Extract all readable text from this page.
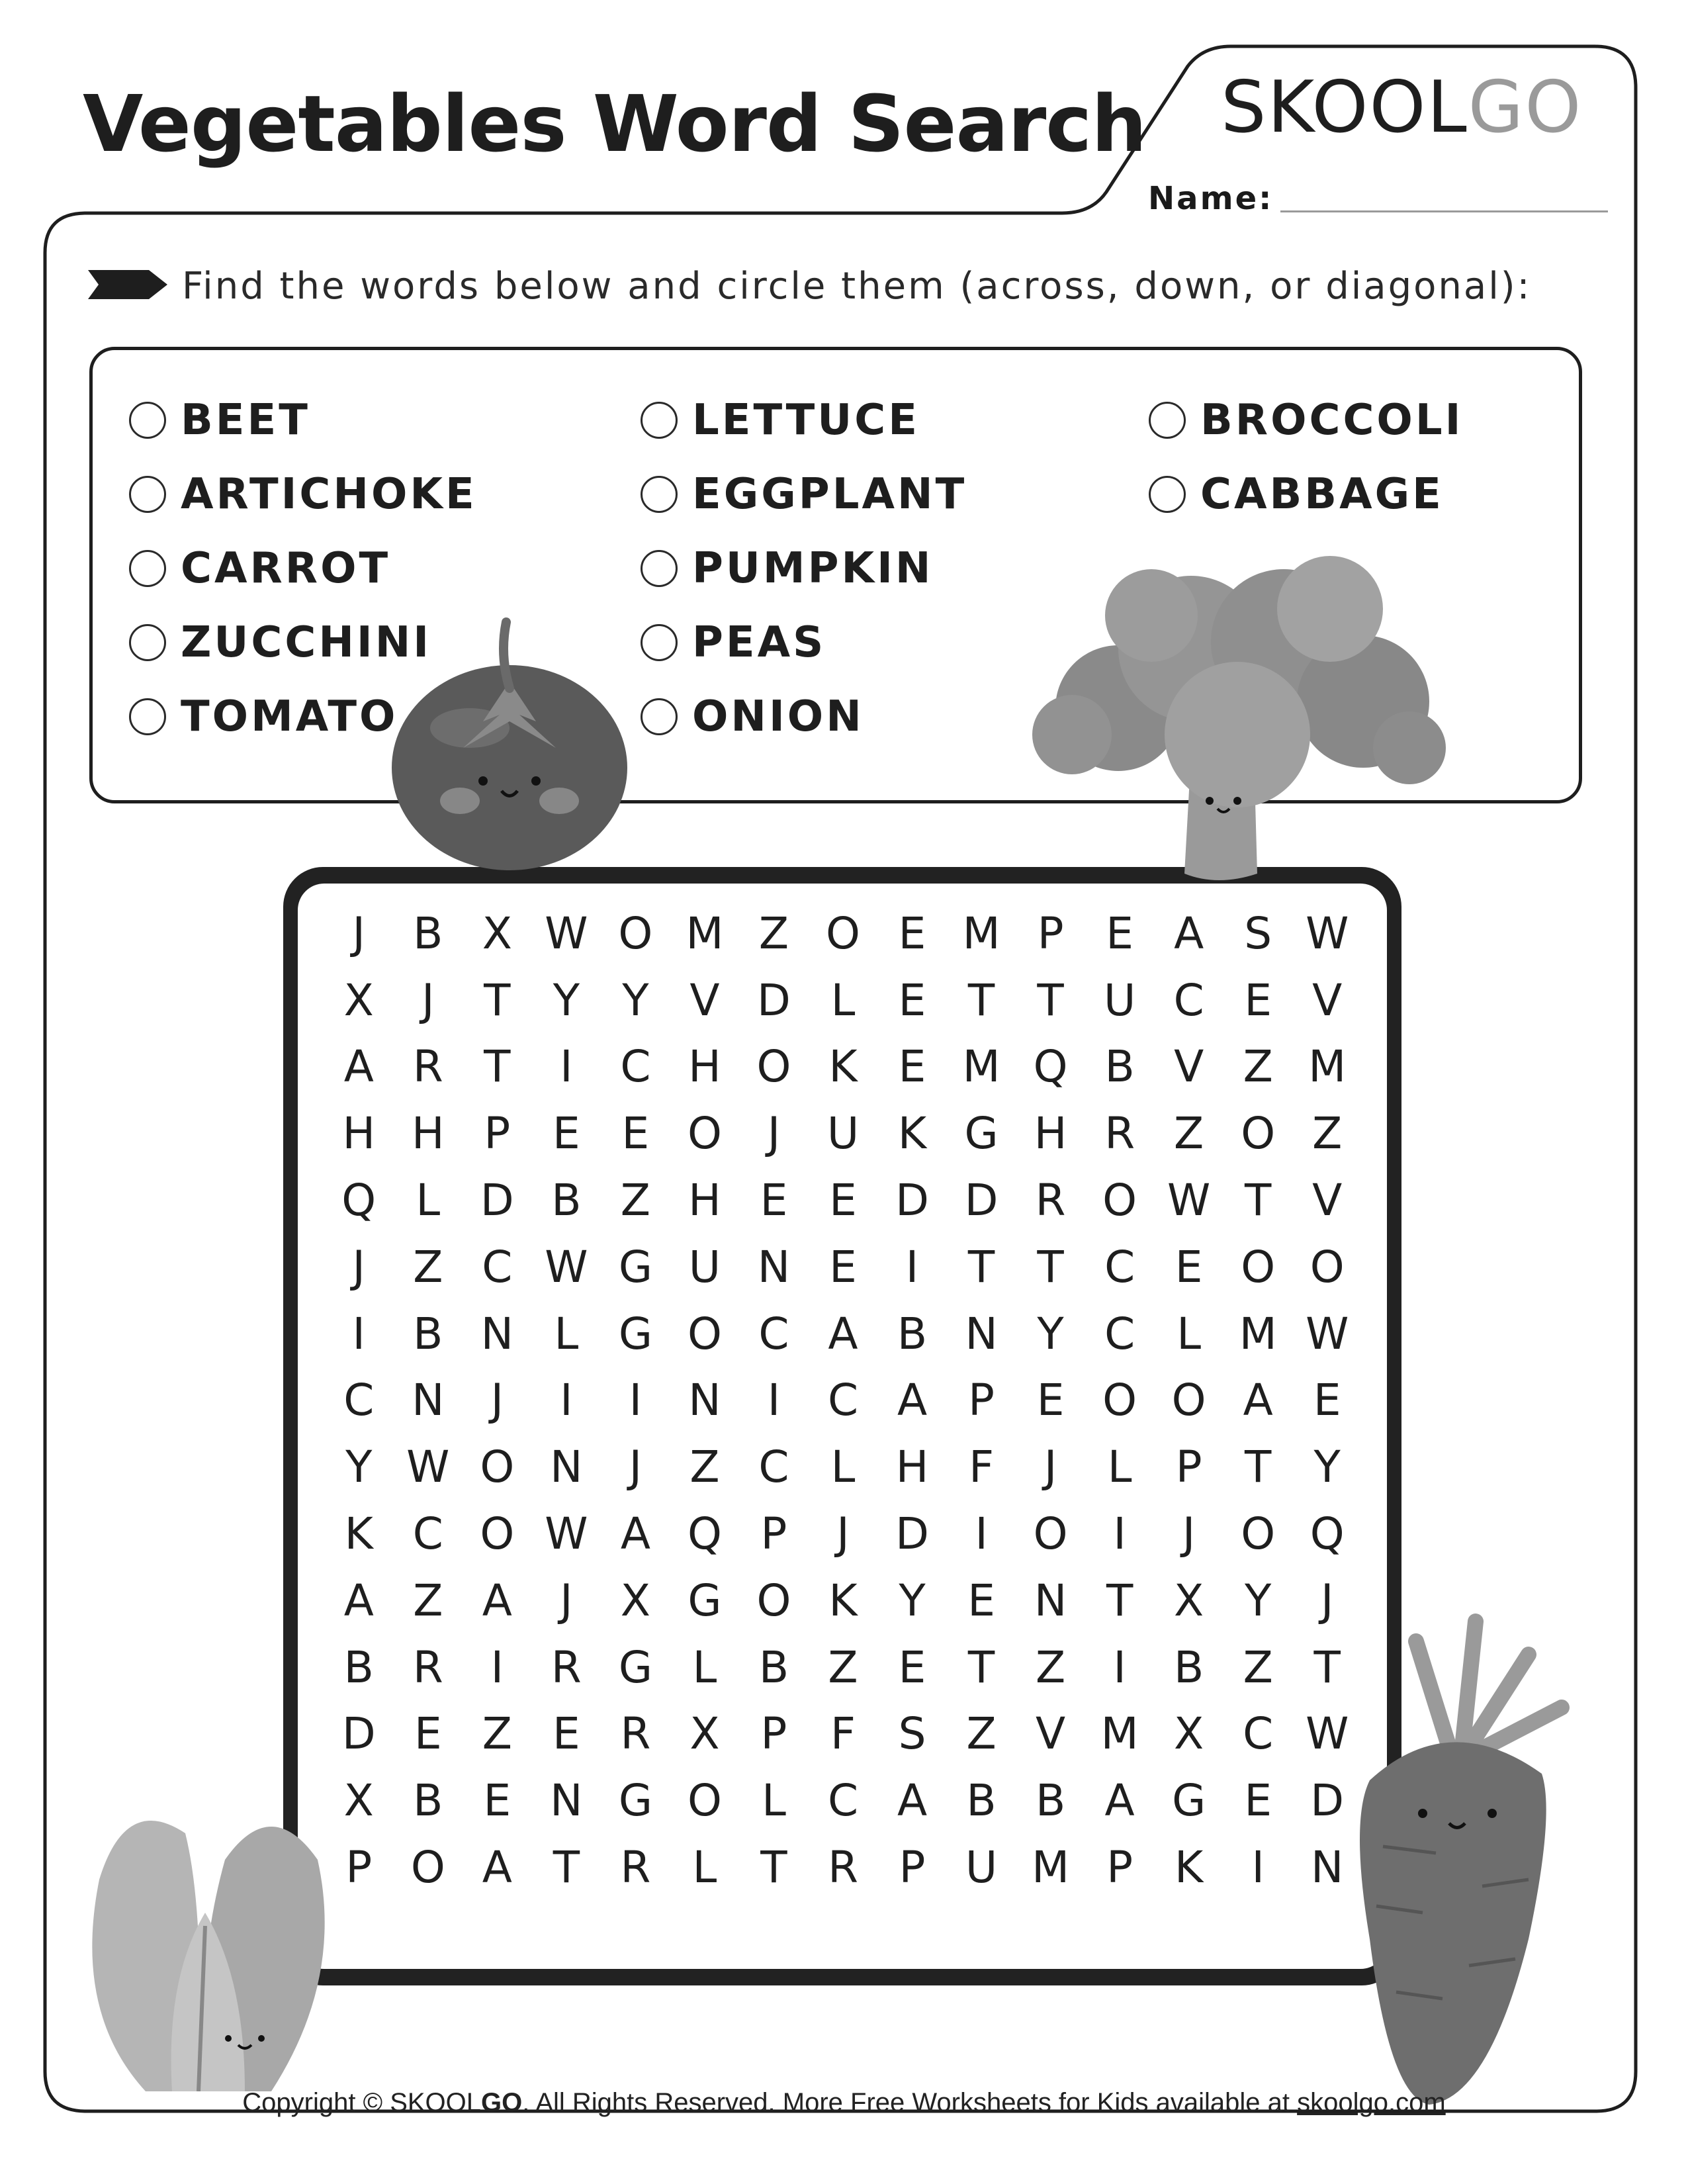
Vegetables Word Search SKOOLGO
Name:
Find the words below and circle them (across, down, or diagonal):
BEET
ARTICHOKE
CARROT
ZUCCHINI
TOMATO
LETTUCE
EGGPLANT
PUMPKIN
PEAS
ONION
BROCCOLI
CABBAGE
J	B X W O M Z O E M P E A S W
X	J	T Y Y V D L E T T U C E V
A R T	I	C H O K E M Q B V Z M
H H P E E O	J	U K G H R Z O Z
Q L D B Z H E E D D R O W T V
J	Z C W G U N E	I	T T C E O O
I	B N L G O C A B N Y C L M W
C N	J	I	I	N	I	C A P E O O A E
Y W O N	J	Z C L H F	J	L	P T Y
K C O W A Q P	J	D	I	O	I	J	O Q
A Z A	J	X G O K Y E N T X Y	J
B R	I	R G L B Z E T Z	I	B Z T
D E Z E R X P F S Z V M X C W
X B E N G O L C A B B A G E D
P O A T R L T R P U M P K	I	N
Copyright © SKOOLGO. All Rights Reserved. More Free Worksheets for Kids available at skoolgo.com
